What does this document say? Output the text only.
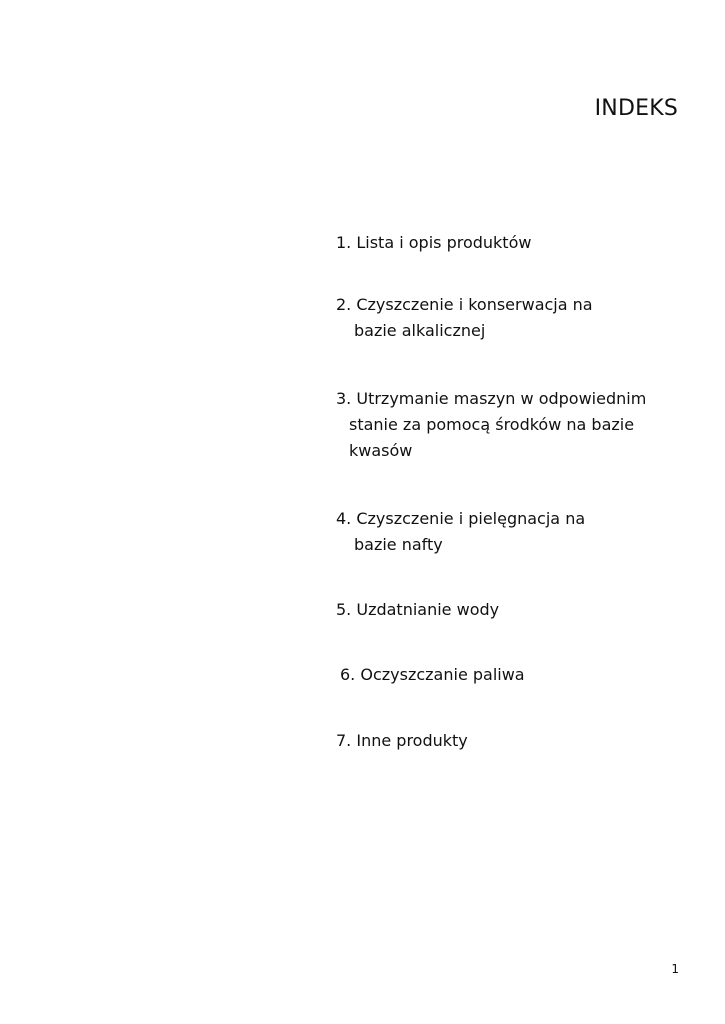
INDEKS
1. Lista i opis produktów
2. Czyszczenie i konserwacja na
bazie alkalicznej
3. Utrzymanie maszyn w odpowiednim
stanie za pomocą środków na bazie
kwasów
4. Czyszczenie i pielęgnacja na
bazie nafty
5. Uzdatnianie wody
6. Oczyszczanie paliwa
7. Inne produkty
1
